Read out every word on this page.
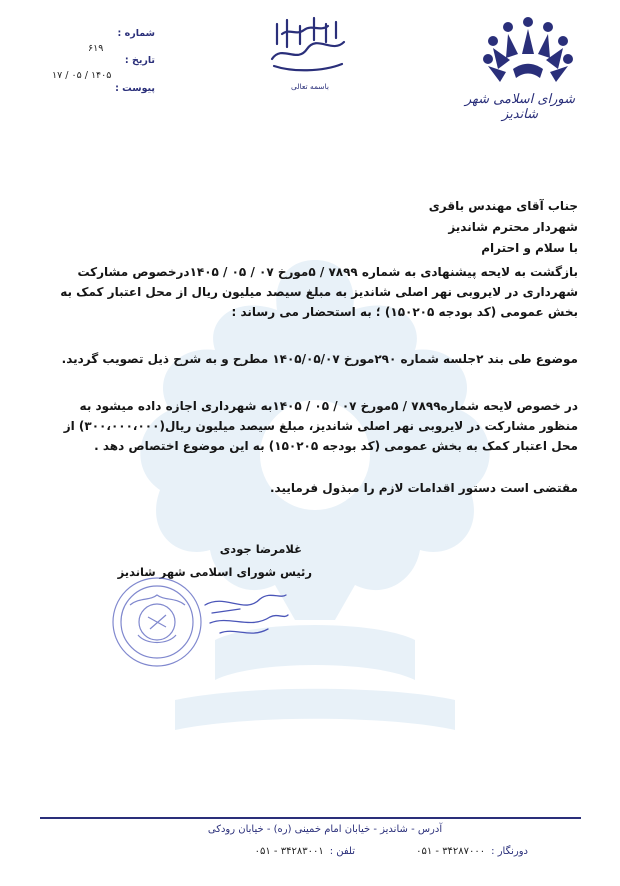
شماره :
۶۱۹
تاریخ :
۱۴۰۵ / ۰۵ / ۱۷
پیوست :	باسمه تعالی
شورای اسلامی شهر شاندیز

جناب آقای مهندس باقری

شهردار محترم شاندیز

با سلام و احترام

بازگشت به لایحه پیشنهادی به شماره ۷۸۹۹ / ۵مورخ ۰۷ / ۰۵ / ۱۴۰۵درخصوص مشارکت شهرداری در لایروبی نهر اصلی شاندیز به مبلغ سیصد میلیون ریال از محل اعتبار کمک به بخش عمومی (کد بودجه ۱۵۰۲۰۵) ؛ به استحضار می رساند :

موضوع طی بند ۲جلسه شماره ۲۹۰مورخ ۱۴۰۵/۰۵/۰۷ مطرح و به شرح ذیل تصویب گردید.

در خصوص لایحه شماره۷۸۹۹ / ۵مورخ ۰۷ / ۰۵ / ۱۴۰۵به شهرداری اجازه داده میشود به منظور مشارکت در لایروبی نهر اصلی شاندیز، مبلغ سیصد میلیون ریال(۳۰۰،۰۰۰،۰۰۰) از محل اعتبار کمک به بخش عمومی (کد بودجه ۱۵۰۲۰۵) به این موضوع اختصاص دهد .

مقتضی است دستور اقدامات لازم را مبذول فرمایید.

غلامرضا جودی

رئیس شورای اسلامی شهر شاندیز

آدرس - شاندیز - خیابان امام خمینی (ره) - خیابان رودکی
دورنگار :۳۴۲۸۷۰۰۰ - ۰۵۱
تلفن :۳۴۲۸۳۰۰۱ - ۰۵۱
